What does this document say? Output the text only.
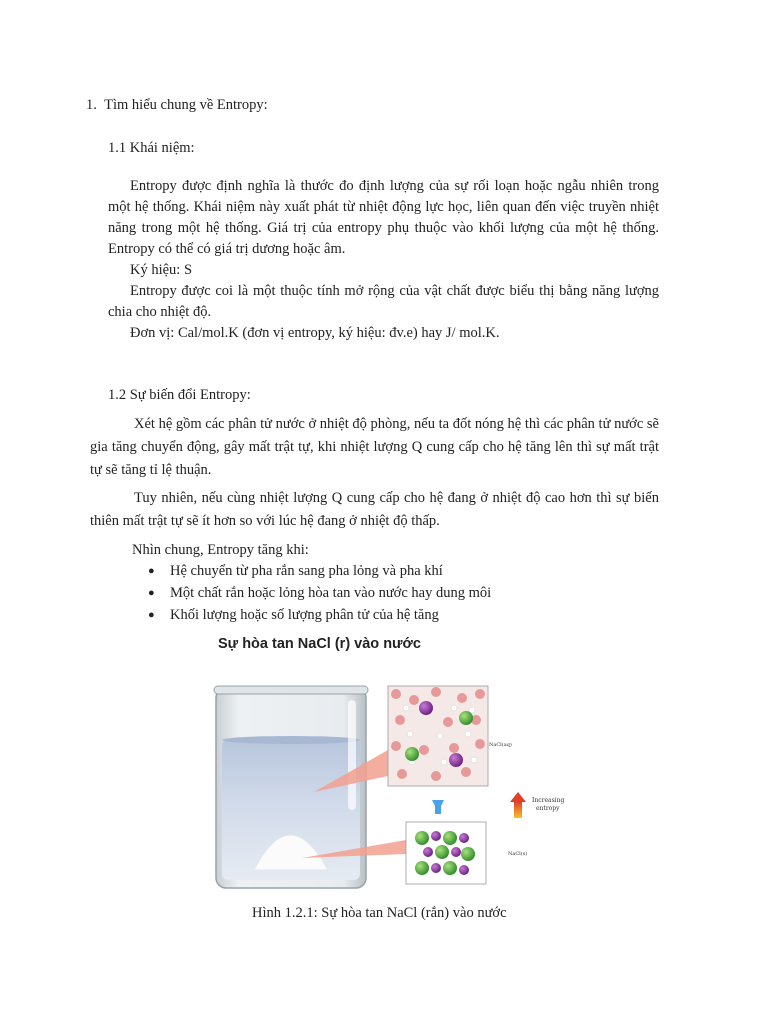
1. Tìm hiểu chung về Entropy:
1.1 Khái niệm:

Entropy được định nghĩa là thước đo định lượng của sự rối loạn hoặc ngẫu nhiên trong một hệ thống. Khái niệm này xuất phát từ nhiệt động lực học, liên quan đến việc truyền nhiệt năng trong một hệ thống. Giá trị của entropy phụ thuộc vào khối lượng của một hệ thống. Entropy có thể có giá trị dương hoặc âm.

Ký hiệu: S

Entropy được coi là một thuộc tính mở rộng của vật chất được biểu thị bằng năng lượng chia cho nhiệt độ.

Đơn vị: Cal/mol.K (đơn vị entropy, ký hiệu: đv.e) hay J/ mol.K.

1.2 Sự biến đổi Entropy:

Xét hệ gồm các phân tử nước ở nhiệt độ phòng, nếu ta đốt nóng hệ thì các phân tử nước sẽ gia tăng chuyển động, gây mất trật tự, khi nhiệt lượng Q cung cấp cho hệ tăng lên thì sự mất trật tự sẽ tăng tỉ lệ thuận.

Tuy nhiên, nếu cùng nhiệt lượng Q cung cấp cho hệ đang ở nhiệt độ cao hơn thì sự biến thiên mất trật tự sẽ ít hơn so với lúc hệ đang ở nhiệt độ thấp.

Nhìn chung, Entropy tăng khi:
● Hệ chuyển từ pha rắn sang pha lỏng và pha khí
● Một chất rắn hoặc lỏng hòa tan vào nước hay dung môi
● Khối lượng hoặc số lượng phân tử của hệ tăng
Sự hòa tan NaCl (r) vào nước
NaCl(aq)
Increasing
entropy
NaCl(s)
Hình 1.2.1: Sự hòa tan NaCl (rắn) vào nước
